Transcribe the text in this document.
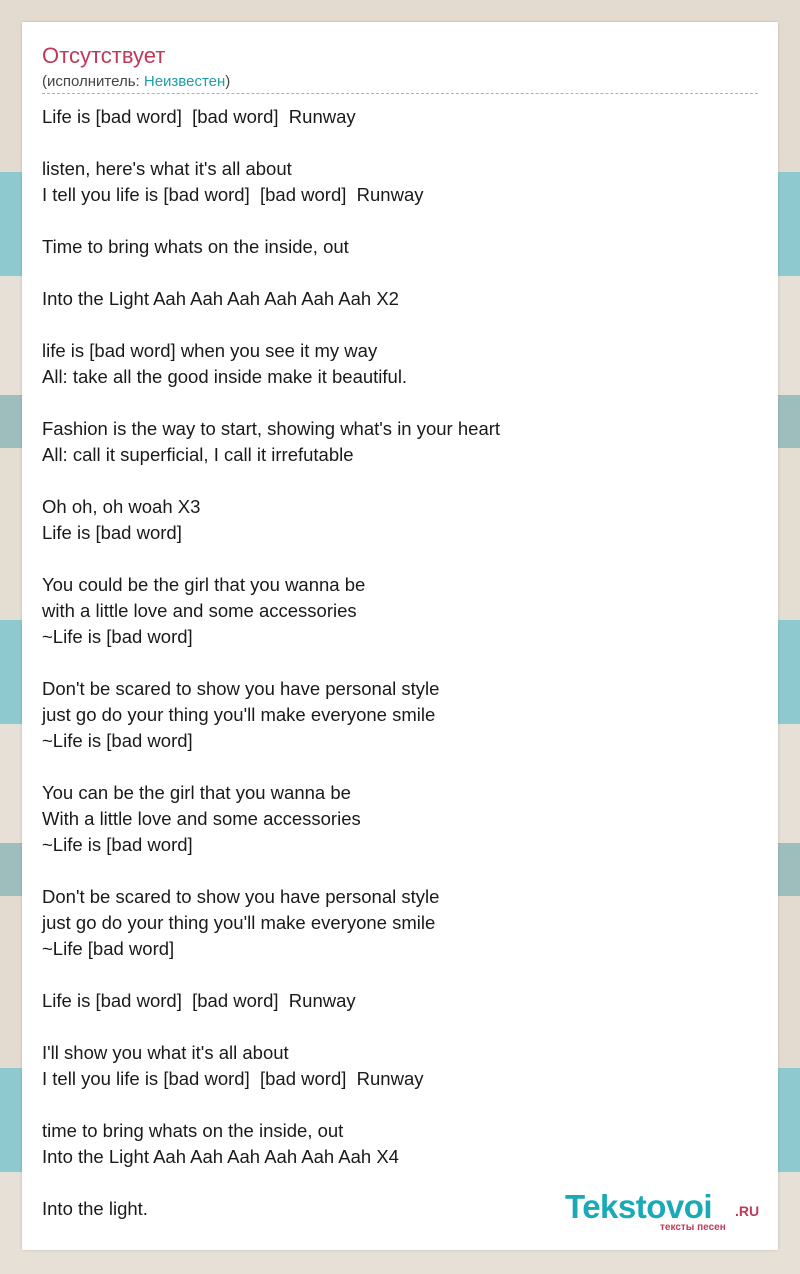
Отсутствует
(исполнитель: Неизвестен)
Life is [bad word]  [bad word]  Runway
listen, here's what it's all about
I tell you life is [bad word]  [bad word]  Runway
Time to bring whats on the inside, out
Into the Light Aah Aah Aah Aah Aah Aah X2
life is [bad word] when you see it my way
All: take all the good inside make it beautiful.
Fashion is the way to start, showing what's in your heart
All: call it superficial, I call it irrefutable
Oh oh, oh woah X3
Life is [bad word]
You could be the girl that you wanna be
with a little love and some accessories
~Life is [bad word]
Don't be scared to show you have personal style
just go do your thing you'll make everyone smile
~Life is [bad word]
You can be the girl that you wanna be
With a little love and some accessories
~Life is [bad word]
Don't be scared to show you have personal style
just go do your thing you'll make everyone smile
~Life [bad word]
Life is [bad word]  [bad word]  Runway
I'll show you what it's all about
I tell you life is [bad word]  [bad word]  Runway
time to bring whats on the inside, out
Into the Light Aah Aah Aah Aah Aah Aah X4
Into the light.	Tekstovoi .RU
тексты песен
